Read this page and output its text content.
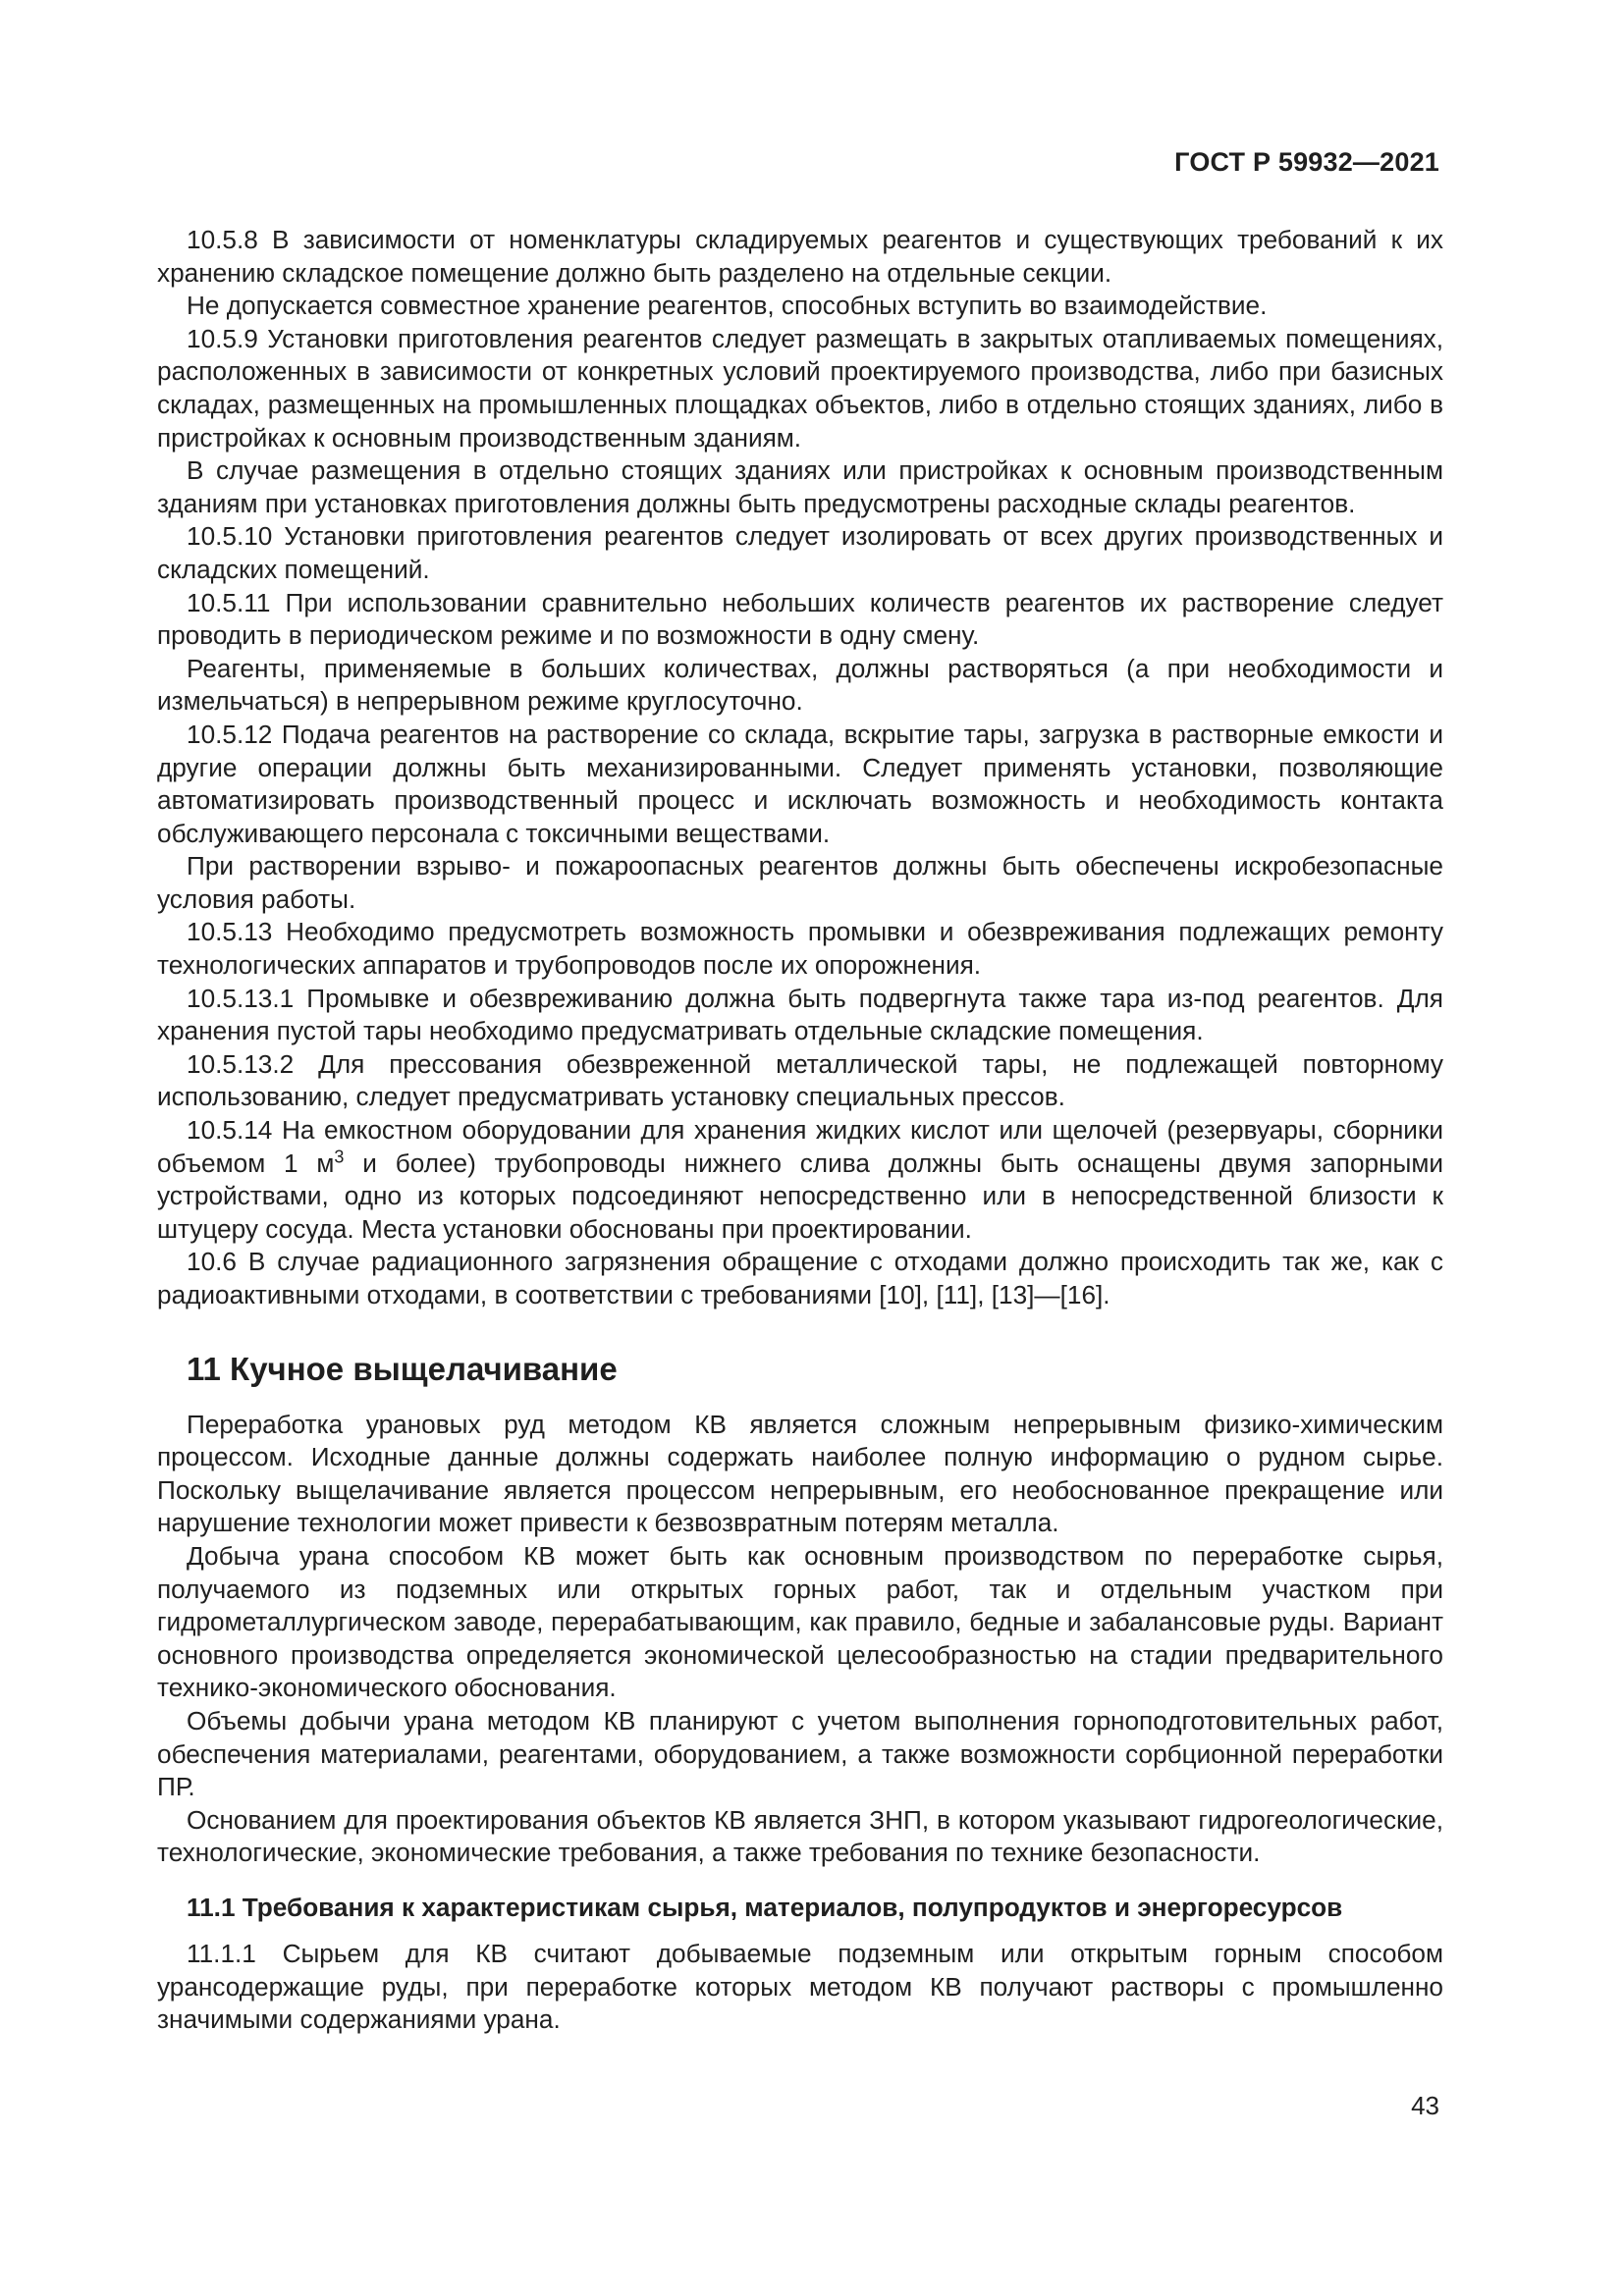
ГОСТ Р 59932—2021

10.5.8 В зависимости от номенклатуры складируемых реагентов и существующих требований к их хранению складское помещение должно быть разделено на отдельные секции.

Не допускается совместное хранение реагентов, способных вступить во взаимодействие.

10.5.9 Установки приготовления реагентов следует размещать в закрытых отапливаемых помещениях, расположенных в зависимости от конкретных условий проектируемого производства, либо при базисных складах, размещенных на промышленных площадках объектов, либо в отдельно стоящих зданиях, либо в пристройках к основным производственным зданиям.

В случае размещения в отдельно стоящих зданиях или пристройках к основным производственным зданиям при установках приготовления должны быть предусмотрены расходные склады реагентов.

10.5.10 Установки приготовления реагентов следует изолировать от всех других производственных и складских помещений.

10.5.11 При использовании сравнительно небольших количеств реагентов их растворение следует проводить в периодическом режиме и по возможности в одну смену.

Реагенты, применяемые в больших количествах, должны растворяться (а при необходимости и измельчаться) в непрерывном режиме круглосуточно.

10.5.12 Подача реагентов на растворение со склада, вскрытие тары, загрузка в растворные емкости и другие операции должны быть механизированными. Следует применять установки, позволяющие автоматизировать производственный процесс и исключать возможность и необходимость контакта обслуживающего персонала с токсичными веществами.

При растворении взрыво- и пожароопасных реагентов должны быть обеспечены искробезопасные условия работы.

10.5.13 Необходимо предусмотреть возможность промывки и обезвреживания подлежащих ремонту технологических аппаратов и трубопроводов после их опорожнения.

10.5.13.1 Промывке и обезвреживанию должна быть подвергнута также тара из-под реагентов. Для хранения пустой тары необходимо предусматривать отдельные складские помещения.

10.5.13.2 Для прессования обезвреженной металлической тары, не подлежащей повторному использованию, следует предусматривать установку специальных прессов.

10.5.14 На емкостном оборудовании для хранения жидких кислот или щелочей (резервуары, сборники объемом 1 $м^3$ и более) трубопроводы нижнего слива должны быть оснащены двумя запорными устройствами, одно из которых подсоединяют непосредственно или в непосредственной близости к штуцеру сосуда. Места установки обоснованы при проектировании.

10.6 В случае радиационного загрязнения обращение с отходами должно происходить так же, как с радиоактивными отходами, в соответствии с требованиями [10], [11], [13]—[16].

11 Кучное выщелачивание

Переработка урановых руд методом КВ является сложным непрерывным физико-химическим процессом. Исходные данные должны содержать наиболее полную информацию о рудном сырье. Поскольку выщелачивание является процессом непрерывным, его необоснованное прекращение или нарушение технологии может привести к безвозвратным потерям металла.

Добыча урана способом КВ может быть как основным производством по переработке сырья, получаемого из подземных или открытых горных работ, так и отдельным участком при гидрометаллургическом заводе, перерабатывающим, как правило, бедные и забалансовые руды. Вариант основного производства определяется экономической целесообразностью на стадии предварительного технико-экономического обоснования.

Объемы добычи урана методом КВ планируют с учетом выполнения горноподготовительных работ, обеспечения материалами, реагентами, оборудованием, а также возможности сорбционной переработки ПР.

Основанием для проектирования объектов КВ является ЗНП, в котором указывают гидрогеологические, технологические, экономические требования, а также требования по технике безопасности.

11.1 Требования к характеристикам сырья, материалов, полупродуктов и энергоресурсов

11.1.1 Сырьем для КВ считают добываемые подземным или открытым горным способом урансодержащие руды, при переработке которых методом КВ получают растворы с промышленно значимыми содержаниями урана.

43
